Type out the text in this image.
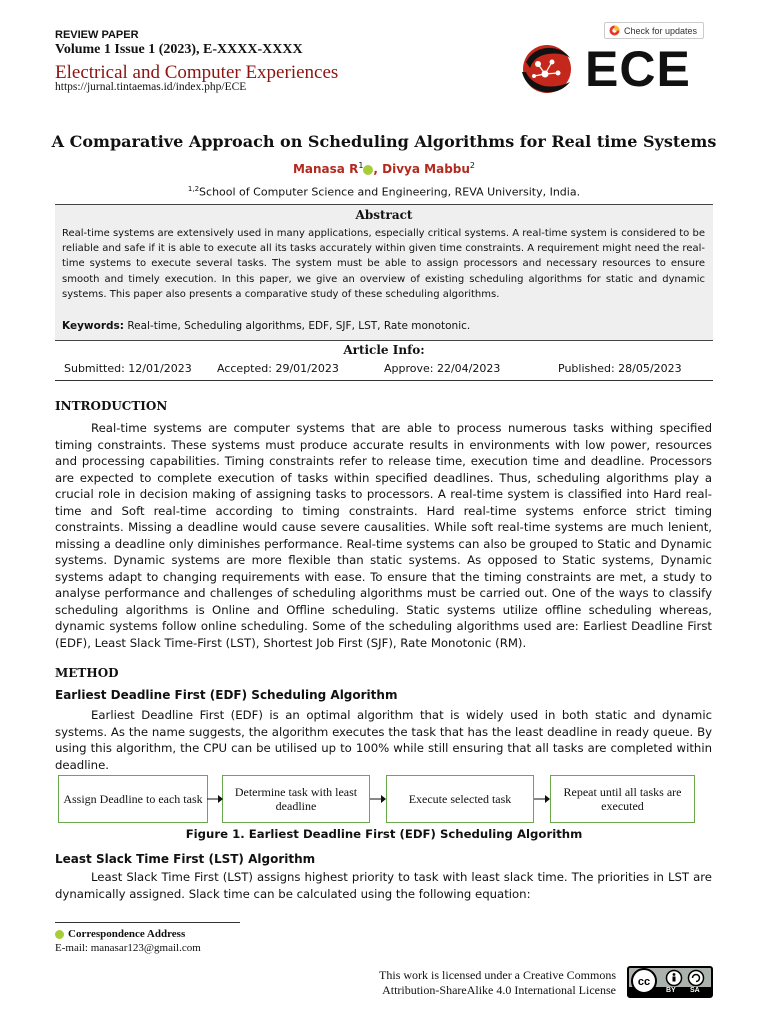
REVIEW PAPER
Volume 1 Issue 1 (2023), E-XXXX-XXXX
Electrical and Computer Experiences
https://jurnal.tintaemas.id/index.php/ECE
Check for updates
ECE
A Comparative Approach on Scheduling Algorithms for Real time Systems
Manasa $R^1$ , Divya Mabbu$^2$
$^{1,2}$School of Computer Science and Engineering, REVA University, India.
Abstract
Real-time systems are extensively used in many applications, especially critical systems. A real-time system is considered to be reliable and safe if it is able to execute all its tasks accurately within given time constraints. A requirement might need the real-time systems to execute several tasks. The system must be able to assign processors and necessary resources to ensure smooth and timely execution. In this paper, we give an overview of existing scheduling algorithms for static and dynamic systems. This paper also presents a comparative study of these scheduling algorithms.
Keywords: Real-time, Scheduling algorithms, EDF, SJF, LST, Rate monotonic.
Article Info:
Submitted: 12/01/2023 Accepted: 29/01/2023	Approve: 22/04/2023	Published: 28/05/2023
INTRODUCTION
Real-time systems are computer systems that are able to process numerous tasks withing specified timing constraints. These systems must produce accurate results in environments with low power, resources and processing capabilities. Timing constraints refer to release time, execution time and deadline. Processors are expected to complete execution of tasks within specified deadlines. Thus, scheduling algorithms play a crucial role in decision making of assigning tasks to processors. A real-time system is classified into Hard real-time and Soft real-time according to timing constraints. Hard real-time systems enforce strict timing constraints. Missing a deadline would cause severe causalities. While soft real-time systems are much lenient, missing a deadline only diminishes performance. Real-time systems can also be grouped to Static and Dynamic systems. Dynamic systems are more flexible than static systems. As opposed to Static systems, Dynamic systems adapt to changing requirements with ease. To ensure that the timing constraints are met, a study to analyse performance and challenges of scheduling algorithms must be carried out. One of the ways to classify scheduling algorithms is Online and Offline scheduling. Static systems utilize offline scheduling whereas, dynamic systems follow online scheduling. Some of the scheduling algorithms used are: Earliest Deadline First (EDF), Least Slack Time-First (LST), Shortest Job First (SJF), Rate Monotonic (RM).
METHOD
Earliest Deadline First (EDF) Scheduling Algorithm
Earliest Deadline First (EDF) is an optimal algorithm that is widely used in both static and dynamic systems. As the name suggests, the algorithm executes the task that has the least deadline in ready queue. By using this algorithm, the CPU can be utilised up to 100% while still ensuring that all tasks are completed within deadline.
Assign Deadline to each task	Determine task with least deadline	Execute selected task	Repeat until all tasks are executed
Figure 1. Earliest Deadline First (EDF) Scheduling Algorithm
Least Slack Time First (LST) Algorithm
Least Slack Time First (LST) assigns highest priority to task with least slack time. The priorities in LST are dynamically assigned. Slack time can be calculated using the following equation:
Correspondence Address
E-mail: manasar123@gmail.com
This work is licensed under a Creative Commons
Attribution-ShareAlike 4.0 International License
cc
BY SA
